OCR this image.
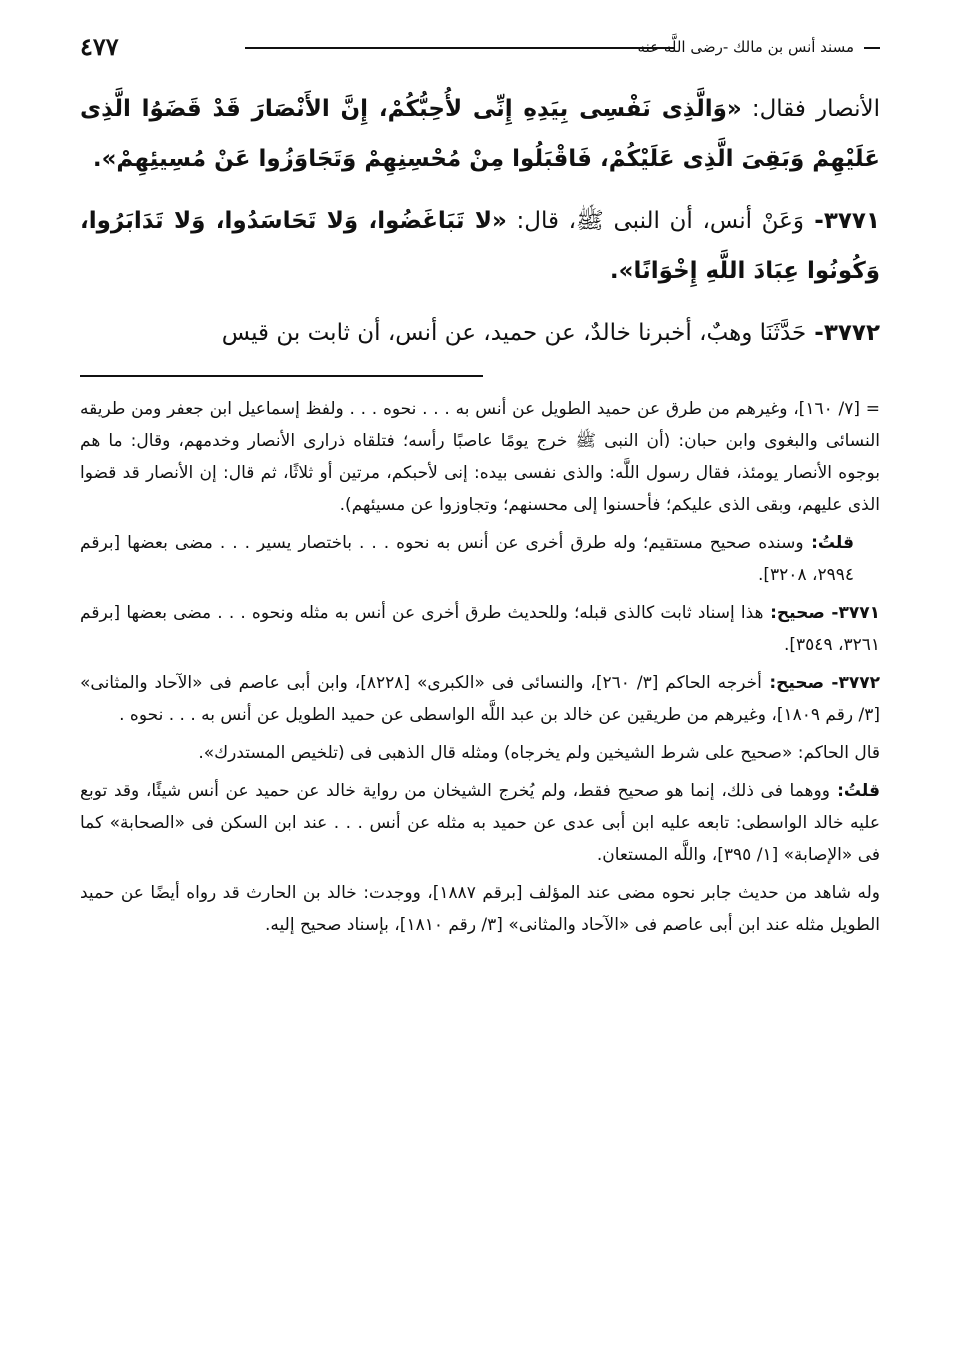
٤٧٧	مسند أنس بن مالك -رضى اللَّه عنه-

الأنصار فقال: «وَالَّذِى نَفْسِى بِيَدِهِ إِنِّى لأُحِبُّكُمْ، إِنَّ الأَنْصَارَ قَدْ قَضَوُا الَّذِى عَلَيْهِمْ وَبَقِىَ الَّذِى عَلَيْكُمْ، فَاقْبَلُوا مِنْ مُحْسِنِهِمْ وَتَجَاوَزُوا عَنْ مُسِيئِهِمْ».

٣٧٧١- وَعَنْ أنس، أن النبى ﷺ، قال: «لا تَبَاغَضُوا، وَلا تَحَاسَدُوا، وَلا تَدَابَرُوا، وَكُونُوا عِبَادَ اللَّهِ إِخْوَانًا».

٣٧٧٢- حَدَّثَنَا وهبٌ، أخبرنا خالدٌ، عن حميد، عن أنس، أن ثابت بن قيس

= [٧/ ١٦٠]، وغيرهم من طرق عن حميد الطويل عن أنس به . . . نحوه . . . ولفظ إسماعيل ابن جعفر ومن طريقه النسائى والبغوى وابن حبان: (أن النبى ﷺ خرج يومًا عاصبًا رأسه؛ فتلقاه ذرارى الأنصار وخدمهم، وقال: ما هم بوجوه الأنصار يومئذ، فقال رسول اللَّه: والذى نفسى بيده: إنى لأحبكم، مرتين أو ثلاثًا، ثم قال: إن الأنصار قد قضوا الذى عليهم، وبقى الذى عليكم؛ فأحسنوا إلى محسنهم؛ وتجاوزوا عن مسيئهم).

قلتُ: وسنده صحيح مستقيم؛ وله طرق أخرى عن أنس به نحوه . . . باختصار يسير . . . مضى بعضها [برقم ٢٩٩٤، ٣٢٠٨].

٣٧٧١- صحيح: هذا إسناد ثابت كالذى قبله؛ وللحديث طرق أخرى عن أنس به مثله ونحوه . . . مضى بعضها [برقم ٣٢٦١، ٣٥٤٩].

٣٧٧٢- صحيح: أخرجه الحاكم [٣/ ٢٦٠]، والنسائى فى «الكبرى» [٨٢٢٨]، وابن أبى عاصم فى «الآحاد والمثانى» [٣/ رقم ١٨٠٩]، وغيرهم من طريقين عن خالد بن عبد اللَّه الواسطى عن حميد الطويل عن أنس به . . . نحوه .

قال الحاكم: «صحيح على شرط الشيخين ولم يخرجاه) ومثله قال الذهبى فى (تلخيص المستدرك».

قلتُ: ووهما فى ذلك، إنما هو صحيح فقط، ولم يُخرج الشيخان من رواية خالد عن حميد عن أنس شيئًا، وقد توبع عليه خالد الواسطى: تابعه عليه ابن أبى عدى عن حميد به مثله عن أنس . . . عند ابن السكن فى «الصحابة» كما فى «الإصابة» [١/ ٣٩٥]، واللَّه المستعان.

وله شاهد من حديث جابر نحوه مضى عند المؤلف [برقم ١٨٨٧]، ووجدت: خالد بن الحارث قد رواه أيضًا عن حميد الطويل مثله عند ابن أبى عاصم فى «الآحاد والمثانى» [٣/ رقم ١٨١٠]، بإسناد صحيح إليه.
